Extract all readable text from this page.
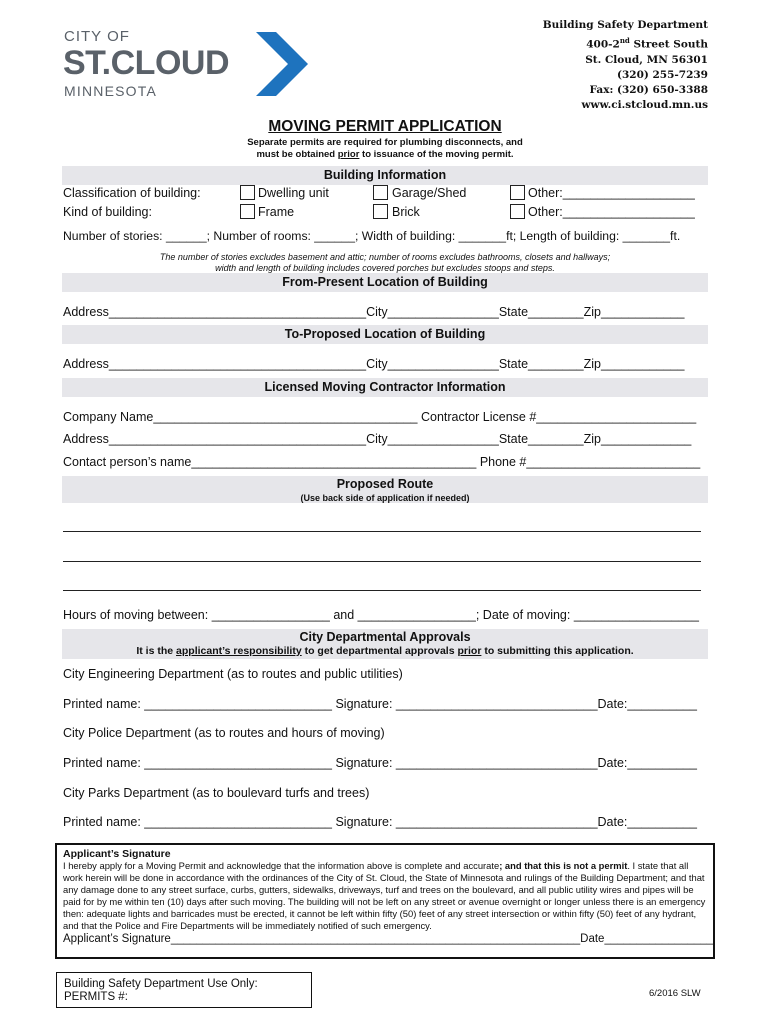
CITY OF
ST.CLOUD
MINNESOTA
Building Safety Department
400-2nd Street South
St. Cloud, MN 56301
(320) 255-7239
Fax: (320) 650-3388
www.ci.stcloud.mn.us
MOVING PERMIT APPLICATION
Separate permits are required for plumbing disconnects, and
must be obtained prior to issuance of the moving permit.
Building Information
Classification of building:	Dwelling unit	Garage/Shed	Other:___________________
Kind of building:	Frame	Brick	Other:___________________
Number of stories: ______; Number of rooms: ______; Width of building: _______ft; Length of building: _______ft.
The number of stories excludes basement and attic; number of rooms excludes bathrooms, closets and hallways;
width and length of building includes covered porches but excludes stoops and steps.
From-Present Location of Building
Address_____________________________________City________________State________Zip____________
To-Proposed Location of Building
Address_____________________________________City________________State________Zip____________
Licensed Moving Contractor Information
Company Name______________________________________ Contractor License #_______________________
Address_____________________________________City________________State________Zip_____________
Contact person’s name_________________________________________ Phone #_________________________
Proposed Route
(Use back side of application if needed)
Hours of moving between: _________________ and _________________; Date of moving: __________________
City Departmental Approvals
It is the applicant’s responsibility to get departmental approvals prior to submitting this application.
City Engineering Department (as to routes and public utilities)
Printed name: ___________________________ Signature: _____________________________Date:__________
City Police Department (as to routes and hours of moving)
Printed name: ___________________________ Signature: _____________________________Date:__________
City Parks Department (as to boulevard turfs and trees)
Printed name: ___________________________ Signature: _____________________________Date:__________
Applicant’s Signature
I hereby apply for a Moving Permit and acknowledge that the information above is complete and accurate; and that this is not a permit. I state that all work herein will be done in accordance with the ordinances of the City of St. Cloud, the State of Minnesota and rulings of the Building Department; and that any damage done to any street surface, curbs, gutters, sidewalks, driveways, turf and trees on the boulevard, and all public utility wires and pipes will be paid for by me within ten (10) days after such moving. The building will not be left on any street or avenue overnight or longer unless there is an emergency then: adequate lights and barricades must be erected, it cannot be left within fifty (50) feet of any street intersection or within fifty (50) feet of any hydrant, and that the Police and Fire Departments will be immediately notified of such emergency.
Applicant’s Signature________________________________________________________________Date_________________
Building Safety Department Use Only:
PERMITS #:	6/2016 SLW
